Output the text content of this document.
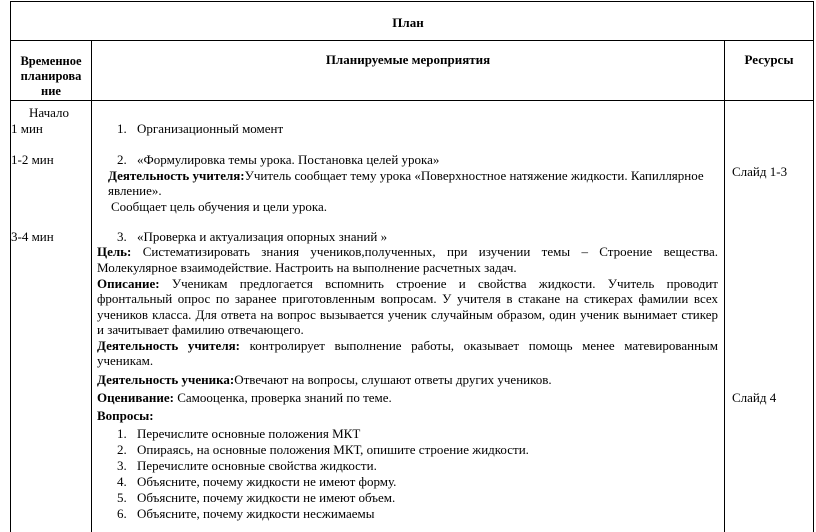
План
Временное
планирова
ние
Планируемые мероприятия	Ресурсы
Начало
1 мин
1-2 мин
3-4 мин
1. Организационный момент
2. «Формулировка темы урока. Постановка целей урока»
Деятельность учителя:Учитель сообщает тему урока «Поверхностное натяжение жидкости. Капиллярное
явление».
Сообщает цель обучения и цели урока.
3. «Проверка и актуализация опорных знаний »
Цель: Систематизировать знания учеников,полученных, при изучении темы – Строение вещества.
Молекулярное взаимодействие. Настроить на выполнение расчетных задач.
Описание: Ученикам предлогается вспомнить строение и свойства жидкости. Учитель проводит
фронтальный опрос по заранее приготовленным вопросам. У учителя в стакане на стикерах фамилии всех
учеников класса. Для ответа на вопрос вызывается ученик случайным образом, один ученик вынимает стикер
и зачитывает фамилию отвечающего.
Деятельность учителя: контролирует выполнение работы, оказывает помощь менее матевированным
ученикам.
Деятельность ученика:Отвечают на вопросы, слушают ответы других учеников.
Оценивание: Самооценка, проверка знаний по теме.
Вопросы:
1. Перечислите основные положения МКТ
2. Опираясь, на основные положения МКТ, опишите строение жидкости.
3. Перечислите основные свойства жидкости.
4. Объясните, почему жидкости не имеют форму.
5. Объясните, почему жидкости не имеют объем.
6. Объясните, почему жидкости несжимаемы
Слайд 1-3
Слайд 4
